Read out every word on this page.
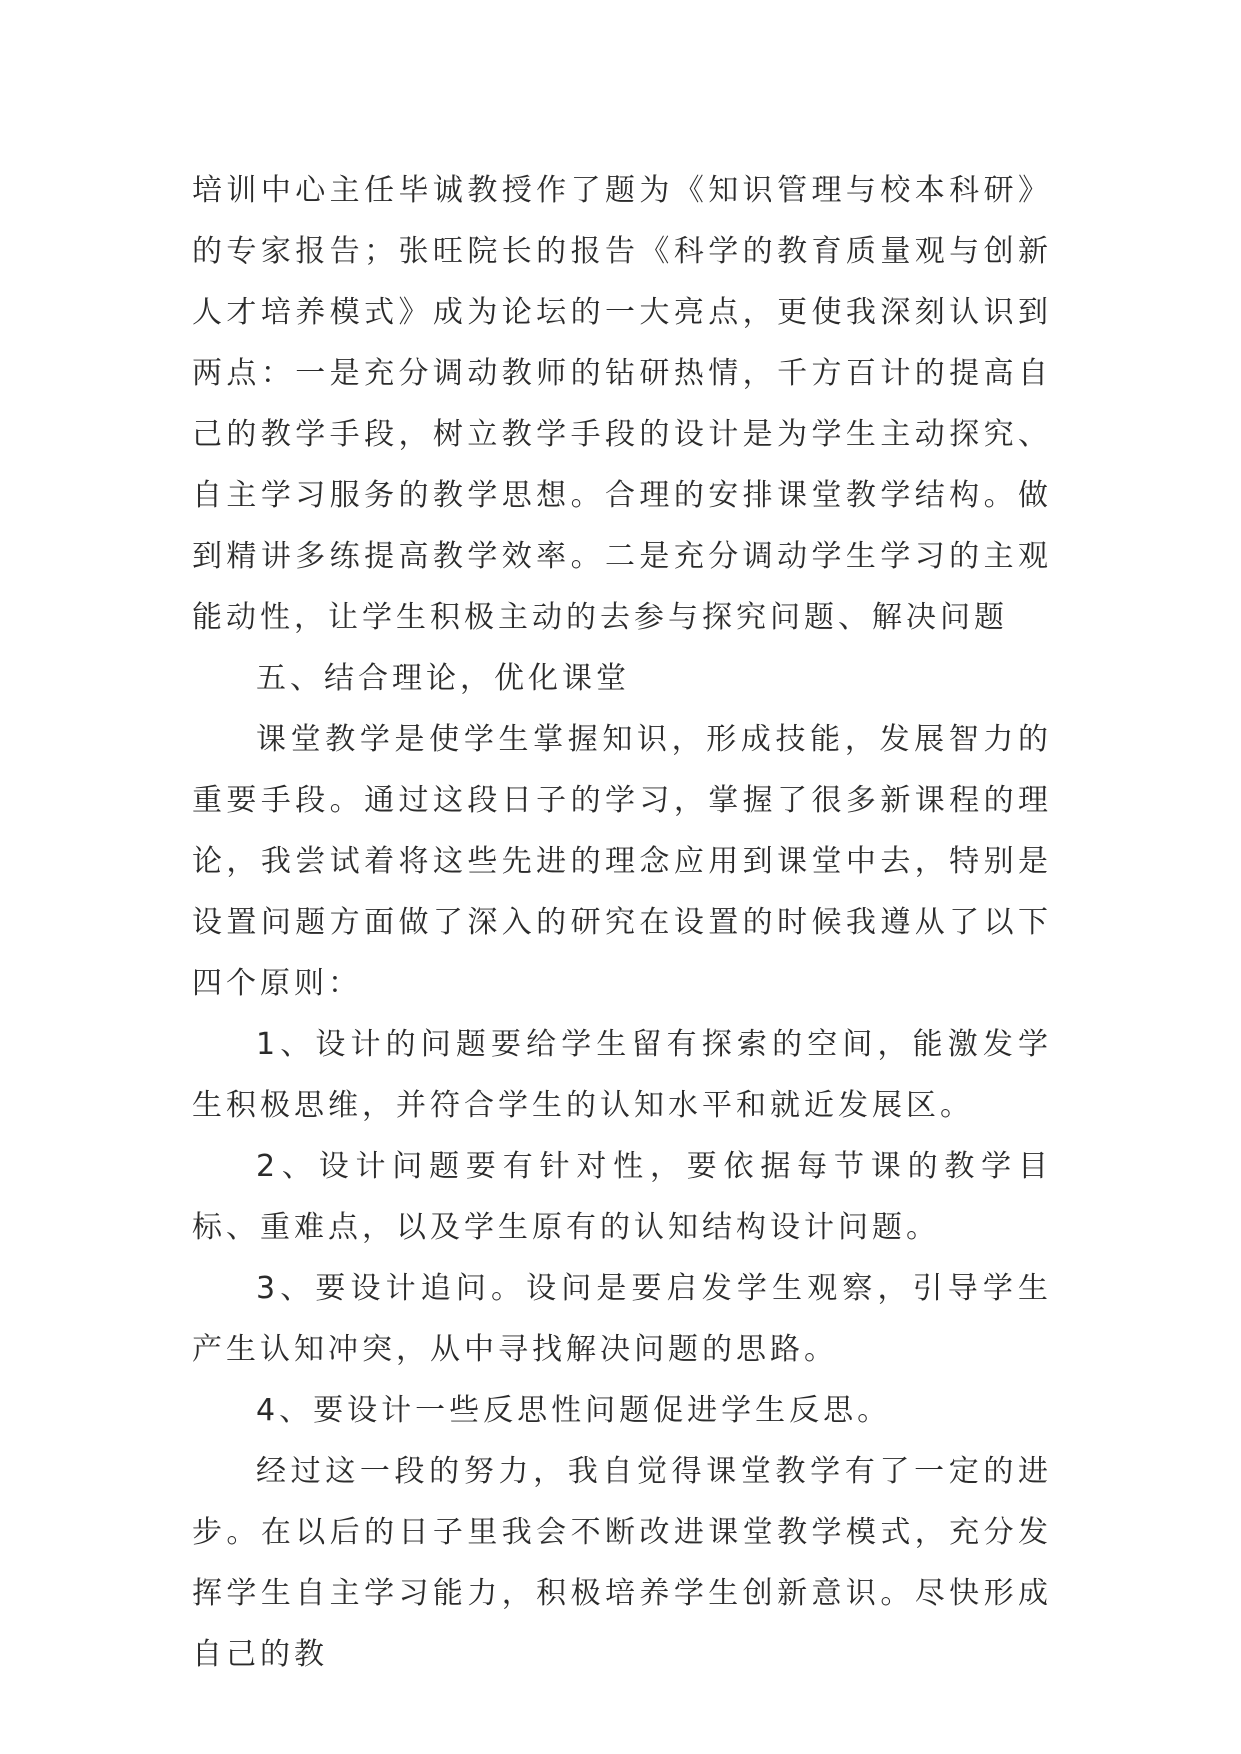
培训中心主任毕诚教授作了题为《知识管理与校本科研》的专家报告；张旺院长的报告《科学的教育质量观与创新人才培养模式》成为论坛的一大亮点，更使我深刻认识到两点：一是充分调动教师的钻研热情，千方百计的提高自己的教学手段，树立教学手段的设计是为学生主动探究、自主学习服务的教学思想。合理的安排课堂教学结构。做到精讲多练提高教学效率。二是充分调动学生学习的主观能动性，让学生积极主动的去参与探究问题、解决问题

五、结合理论，优化课堂

课堂教学是使学生掌握知识，形成技能，发展智力的重要手段。通过这段日子的学习，掌握了很多新课程的理论，我尝试着将这些先进的理念应用到课堂中去，特别是设置问题方面做了深入的研究在设置的时候我遵从了以下四个原则：

1、设计的问题要给学生留有探索的空间，能激发学生积极思维，并符合学生的认知水平和就近发展区。

2、设计问题要有针对性，要依据每节课的教学目标、重难点，以及学生原有的认知结构设计问题。

3、要设计追问。设问是要启发学生观察，引导学生产生认知冲突，从中寻找解决问题的思路。

4、要设计一些反思性问题促进学生反思。

经过这一段的努力，我自觉得课堂教学有了一定的进步。在以后的日子里我会不断改进课堂教学模式，充分发挥学生自主学习能力，积极培养学生创新意识。尽快形成自己的教
